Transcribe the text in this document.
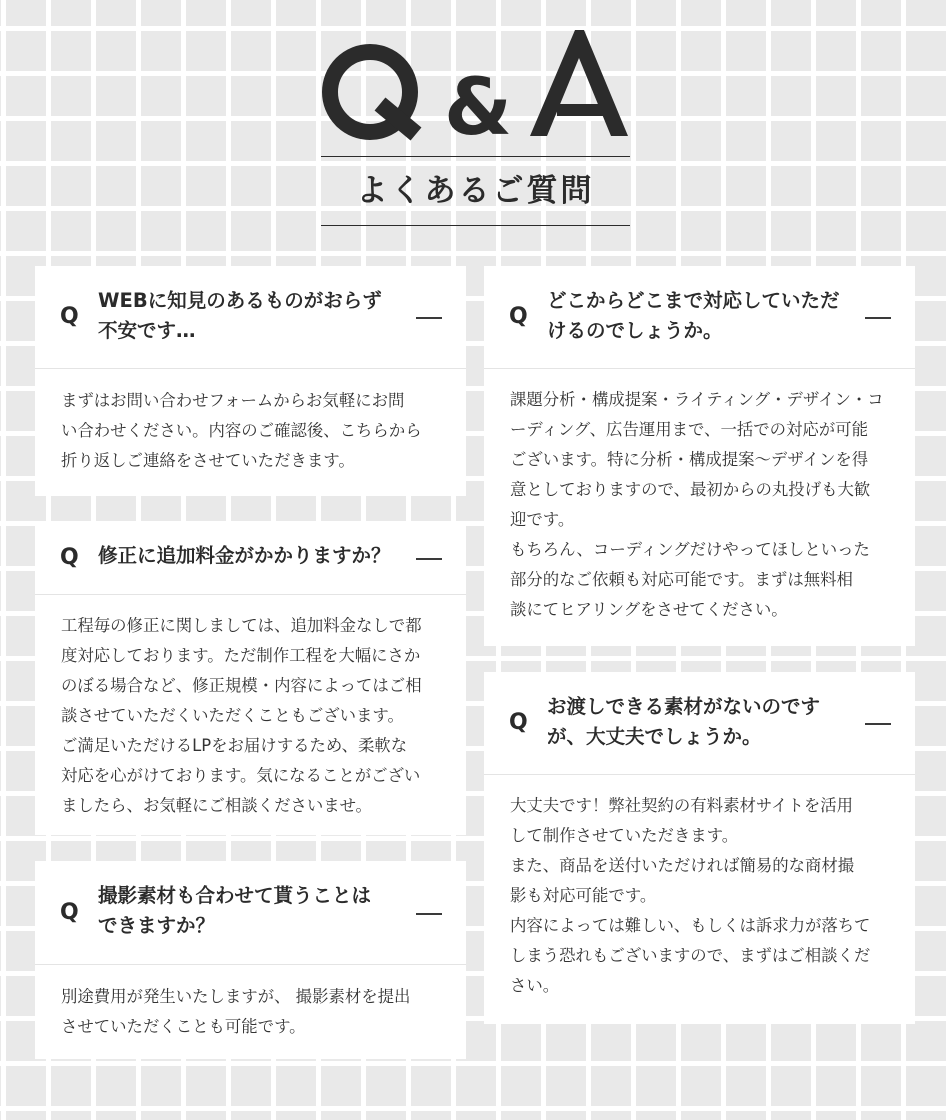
&
よくあるご質問
Q
WEBに知見のあるものがおらず
不安です…

まずはお問い合わせフォームからお気軽にお問

い合わせください。内容のご確認後、こちらから

折り返しご連絡をさせていただきます。

Q 修正に追加料金がかかりますか？

工程毎の修正に関しましては、追加料金なしで都

度対応しております。ただ制作工程を大幅にさか

のぼる場合など、修正規模・内容によってはご相

談させていただくいただくこともございます。

ご満足いただけるLPをお届けするため、柔軟な

対応を心がけております。気になることがござい

ましたら、お気軽にご相談くださいませ。

Q
撮影素材も合わせて貰うことは
できますか？

別途費用が発生いたしますが、 撮影素材を提出

させていただくことも可能です。

Q
どこからどこまで対応していただ
けるのでしょうか。

課題分析・構成提案・ライティング・デザイン・コ

ーディング、広告運用まで、一括での対応が可能

ございます。特に分析・構成提案〜デザインを得

意としておりますので、最初からの丸投げも大歓

迎です。

もちろん、コーディングだけやってほしといった

部分的なご依頼も対応可能です。まずは無料相

談にてヒアリングをさせてください。

Q
お渡しできる素材がないのです
が、大丈夫でしょうか。

大丈夫です！弊社契約の有料素材サイトを活用

して制作させていただきます。

また、商品を送付いただければ簡易的な商材撮

影も対応可能です。

内容によっては難しい、もしくは訴求力が落ちて

しまう恐れもございますので、まずはご相談くだ

さい。
